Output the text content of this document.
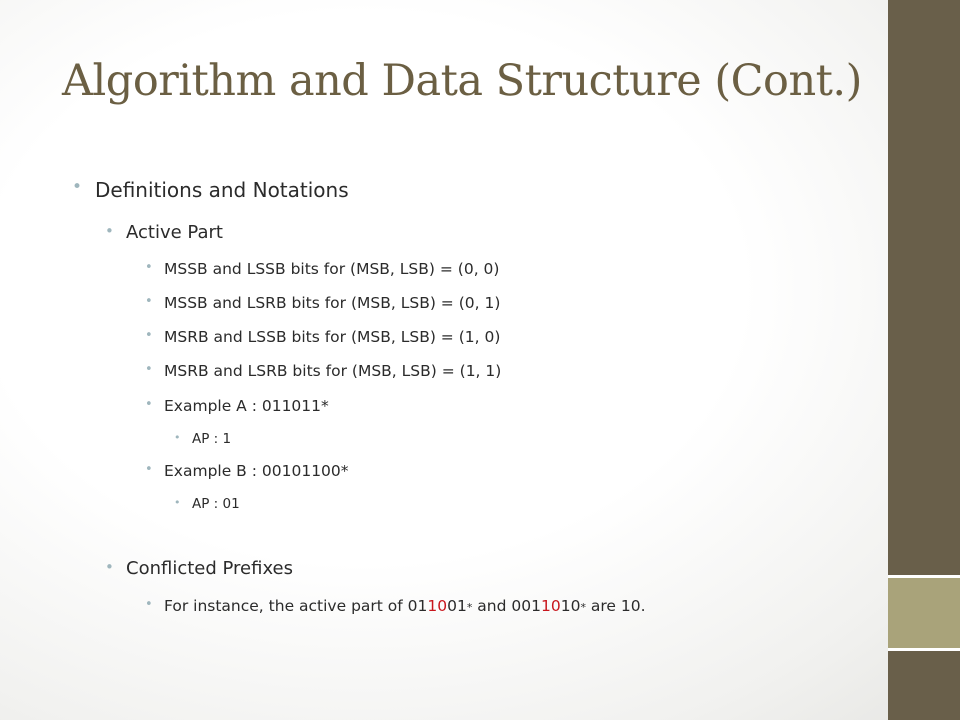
Algorithm and Data Structure (Cont.)
• Definitions and Notations
• Active Part
• MSSB and LSSB bits for (MSB, LSB) = (0, 0)
• MSSB and LSRB bits for (MSB, LSB) = (0, 1)
• MSRB and LSSB bits for (MSB, LSB) = (1, 0)
• MSRB and LSRB bits for (MSB, LSB) = (1, 1)
• Example A : 011011*
• AP : 1
• Example B : 00101100*
• AP : 01
• Conflicted Prefixes
• For instance, the active part of 011001* and 0011010* are 10.
